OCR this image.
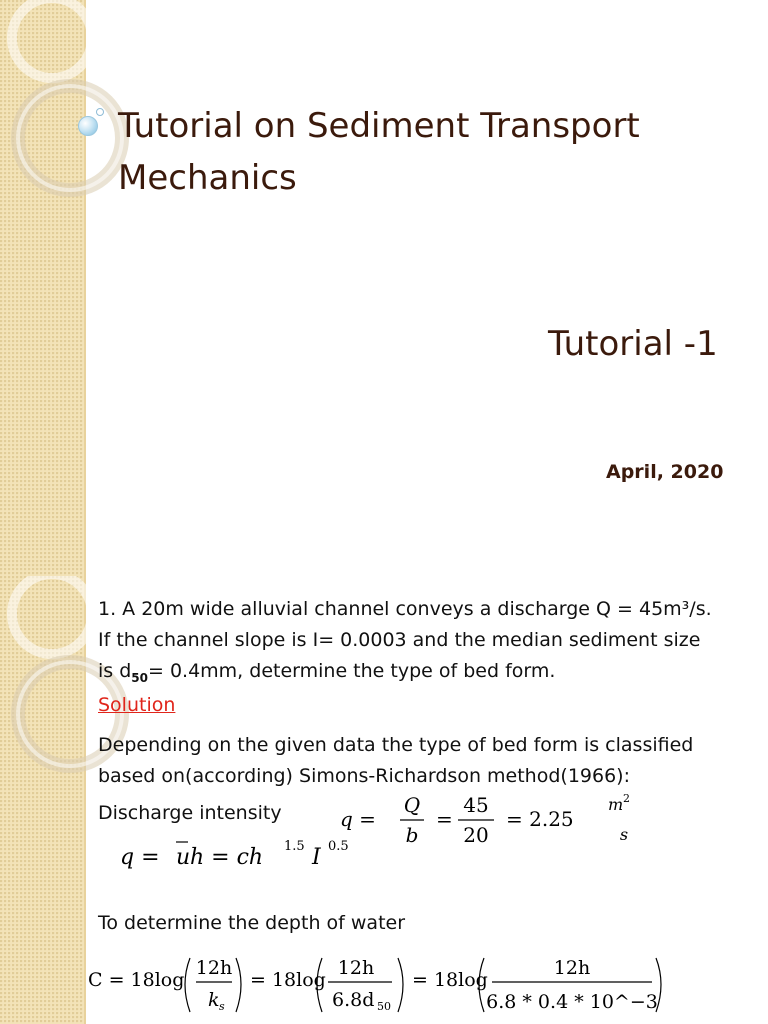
Tutorial on Sediment Transport Mechanics
Tutorial -1
April, 2020
1. A 20m wide alluvial channel conveys a discharge Q = 45m³/s.
If the channel slope is I= 0.0003 and the median sediment size
is $d_{50}= 0.4mm$, determine the type of bed form.
Solution
Depending on the given data the type of bed form is classified
based on(according) Simons-Richardson method(1966):
Discharge intensity	q =
Q
b
=
45
20
= 2.25
m 2
s
q = u h = ch 1.5 I 0.5
To determine the depth of water
C = 18log
12h
k s
= 18log
12h
6.8d 50
= 18log
12h
6.8 * 0.4 * 10^−3
